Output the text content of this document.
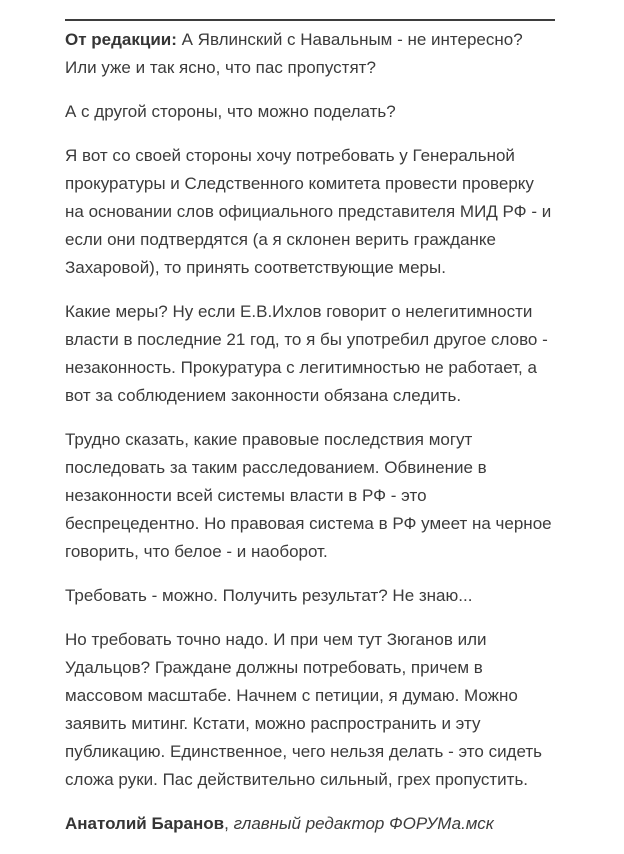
От редакции: А Явлинский с Навальным - не интересно? Или уже и так ясно, что пас пропустят?

А с другой стороны, что можно поделать?

Я вот со своей стороны хочу потребовать у Генеральной прокуратуры и Следственного комитета провести проверку на основании слов официального представителя МИД РФ - и если они подтвердятся (а я склонен верить гражданке Захаровой), то принять соответствующие меры.

Какие меры? Ну если Е.В.Ихлов говорит о нелегитимности власти в последние 21 год, то я бы употребил другое слово - незаконность. Прокуратура с легитимностью не работает, а вот за соблюдением законности обязана следить.

Трудно сказать, какие правовые последствия могут последовать за таким расследованием. Обвинение в незаконности всей системы власти в РФ - это беспрецедентно. Но правовая система в РФ умеет на черное говорить, что белое - и наоборот.

Требовать - можно. Получить результат? Не знаю...

Но требовать точно надо. И при чем тут Зюганов или Удальцов? Граждане должны потребовать, причем в массовом масштабе. Начнем с петиции, я думаю. Можно заявить митинг. Кстати, можно распространить и эту публикацию. Единственное, чего нельзя делать - это сидеть сложа руки. Пас действительно сильный, грех пропустить.

Анатолий Баранов, главный редактор ФОРУМа.мск
